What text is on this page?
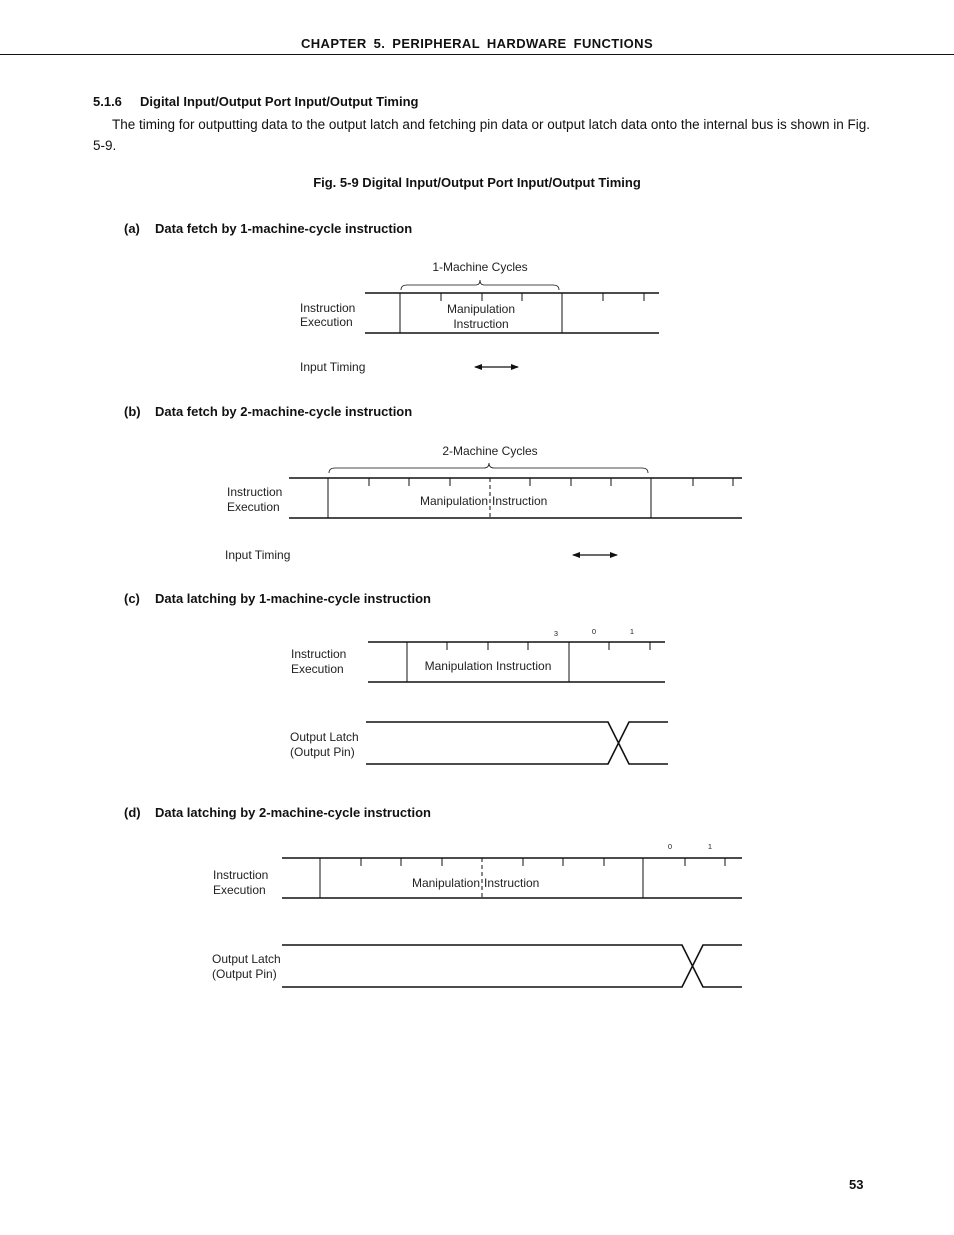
CHAPTER 5. PERIPHERAL HARDWARE FUNCTIONS
5.1.6 Digital Input/Output Port Input/Output Timing
The timing for outputting data to the output latch and fetching pin data or output latch data onto the internal bus is shown in Fig. 5-9.
Fig. 5-9 Digital Input/Output Port Input/Output Timing
(a) Data fetch by 1-machine-cycle instruction
(b) Data fetch by 2-machine-cycle instruction
(c) Data latching by 1-machine-cycle instruction
(d) Data latching by 2-machine-cycle instruction
1-Machine Cycles
Instruction
Execution
Manipulation
Instruction
Input Timing
2-Machine Cycles
Instruction
Execution	Manipulation Instruction
Input Timing
3	0	1
Instruction
Execution	Manipulation Instruction
Output Latch
(Output Pin)
0	1
Instruction
Execution	Manipulation Instruction
Output Latch
(Output Pin)
53
